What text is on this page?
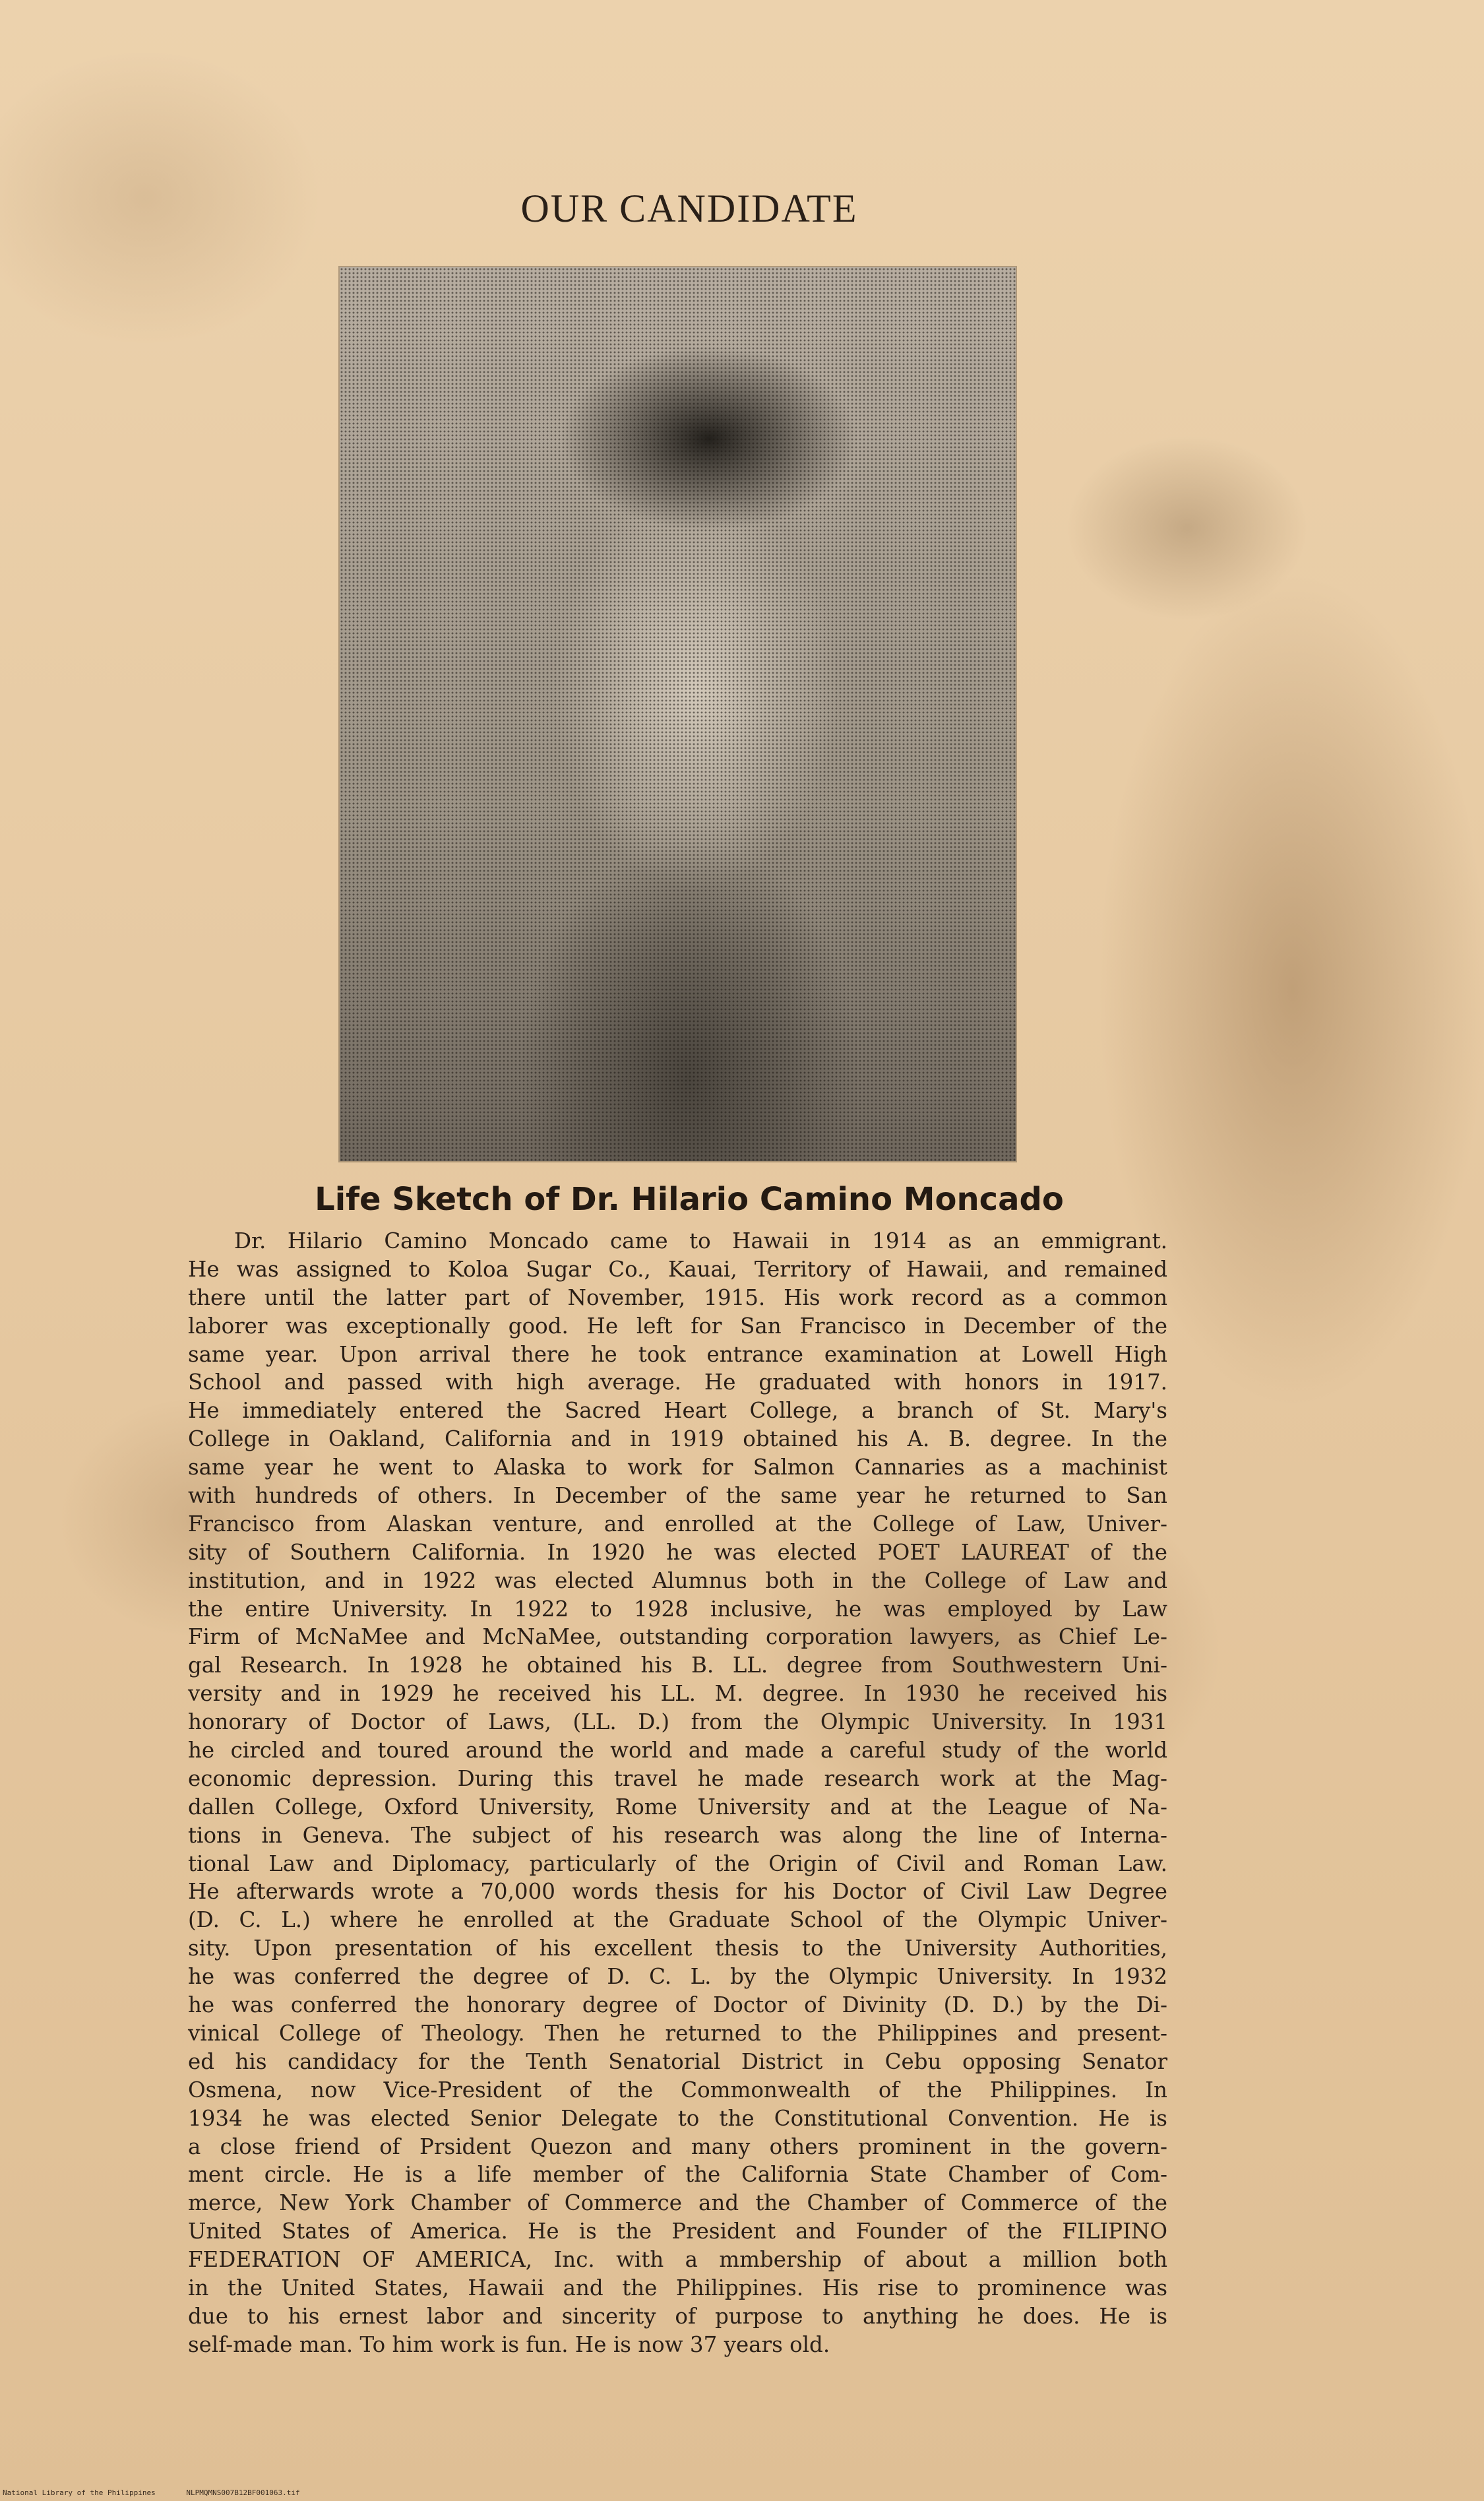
OUR CANDIDATE
Life Sketch of Dr. Hilario Camino Moncado
Dr. Hilario Camino Moncado came to Hawaii in 1914 as an emmigrant.
He was assigned to Koloa Sugar Co., Kauai, Territory of Hawaii, and remained
there until the latter part of November, 1915. His work record as a common
laborer was exceptionally good. He left for San Francisco in December of the
same year. Upon arrival there he took entrance examination at Lowell High
School and passed with high average. He graduated with honors in 1917.
He immediately entered the Sacred Heart College, a branch of St. Mary's
College in Oakland, California and in 1919 obtained his A. B. degree. In the
same year he went to Alaska to work for Salmon Cannaries as a machinist
with hundreds of others. In December of the same year he returned to San
Francisco from Alaskan venture, and enrolled at the College of Law, Univer-
sity of Southern California. In 1920 he was elected POET LAUREAT of the
institution, and in 1922 was elected Alumnus both in the College of Law and
the entire University. In 1922 to 1928 inclusive, he was employed by Law
Firm of McNaMee and McNaMee, outstanding corporation lawyers, as Chief Le-
gal Research. In 1928 he obtained his B. LL. degree from Southwestern Uni-
versity and in 1929 he received his LL. M. degree. In 1930 he received his
honorary of Doctor of Laws, (LL. D.) from the Olympic University. In 1931
he circled and toured around the world and made a careful study of the world
economic depression. During this travel he made research work at the Mag-
dallen College, Oxford University, Rome University and at the League of Na-
tions in Geneva. The subject of his research was along the line of Interna-
tional Law and Diplomacy, particularly of the Origin of Civil and Roman Law.
He afterwards wrote a 70,000 words thesis for his Doctor of Civil Law Degree
(D. C. L.) where he enrolled at the Graduate School of the Olympic Univer-
sity. Upon presentation of his excellent thesis to the University Authorities,
he was conferred the degree of D. C. L. by the Olympic University. In 1932
he was conferred the honorary degree of Doctor of Divinity (D. D.) by the Di-
vinical College of Theology. Then he returned to the Philippines and present-
ed his candidacy for the Tenth Senatorial District in Cebu opposing Senator
Osmena, now Vice-President of the Commonwealth of the Philippines. In
1934 he was elected Senior Delegate to the Constitutional Convention. He is
a close friend of Prsident Quezon and many others prominent in the govern-
ment circle. He is a life member of the California State Chamber of Com-
merce, New York Chamber of Commerce and the Chamber of Commerce of the
United States of America. He is the President and Founder of the FILIPINO
FEDERATION OF AMERICA, Inc. with a mmbership of about a million both
in the United States, Hawaii and the Philippines. His rise to prominence was
due to his ernest labor and sincerity of purpose to anything he does. He is
self-made man. To him work is fun. He is now 37 years old.
National Library of the Philippines	NLPMQMNS007B12BF001063.tif
